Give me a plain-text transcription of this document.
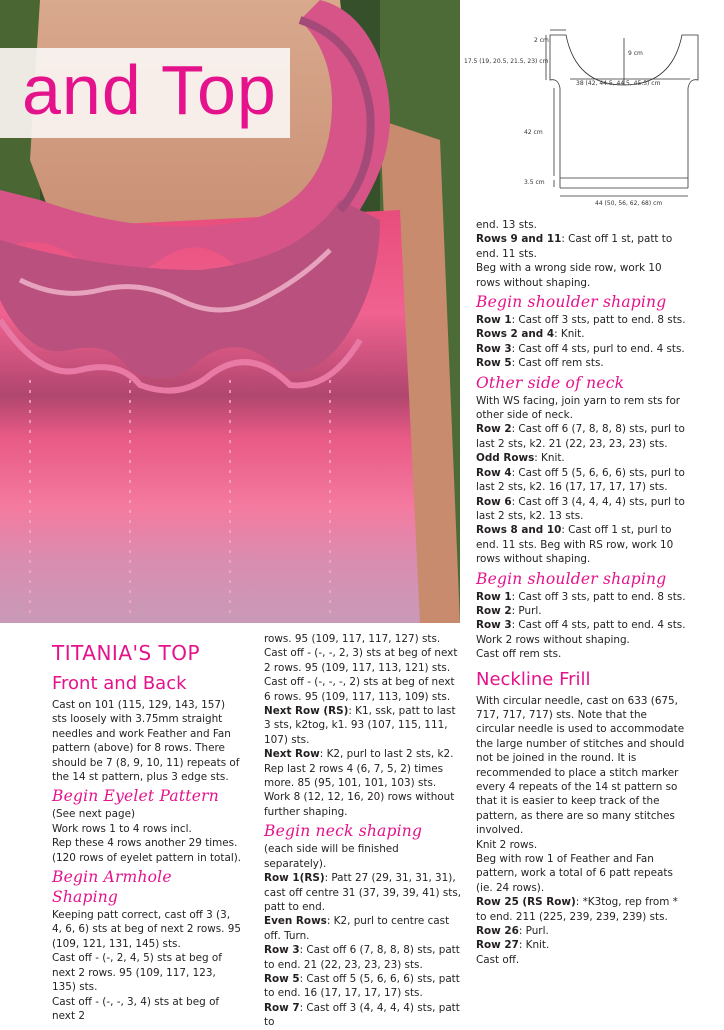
and Top
2 cm
9 cm
17.5 (19, 20.5, 21.5, 23) cm
38 (42, 44.5, 44.5, 45.5) cm
42 cm
3.5 cm
44 (50, 56, 62, 68) cm

TITANIA'S TOP

Front and Back

Cast on 101 (115, 129, 143, 157) sts loosely with 3.75mm straight needles and work Feather and Fan pattern (above) for 8 rows. There should be 7 (8, 9, 10, 11) repeats of the 14 st pattern, plus 3 edge sts.

Begin Eyelet Pattern

(See next page)

Work rows 1 to 4 rows incl.

Rep these 4 rows another 29 times. (120 rows of eyelet pattern in total).

Begin Armhole Shaping

Keeping patt correct, cast off 3 (3, 4, 6, 6) sts at beg of next 2 rows. 95 (109, 121, 131, 145) sts.

Cast off - (-, 2, 4, 5) sts at beg of next 2 rows. 95 (109, 117, 123, 135) sts.

Cast off - (-, -, 3, 4) sts at beg of next 2

rows. 95 (109, 117, 117, 127) sts.

Cast off - (-, -, 2, 3) sts at beg of next 2 rows. 95 (109, 117, 113, 121) sts.

Cast off - (-, -, -, 2) sts at beg of next 6 rows. 95 (109, 117, 113, 109) sts.

Next Row (RS): K1, ssk, patt to last 3 sts, k2tog, k1. 93 (107, 115, 111, 107) sts.

Next Row: K2, purl to last 2 sts, k2.

Rep last 2 rows 4 (6, 7, 5, 2) times more. 85 (95, 101, 101, 103) sts.

Work 8 (12, 12, 16, 20) rows without further shaping.

Begin neck shaping

(each side will be finished separately).

Row 1(RS): Patt 27 (29, 31, 31, 31), cast off centre 31 (37, 39, 39, 41) sts, patt to end.

Even Rows: K2, purl to centre cast off. Turn.

Row 3: Cast off 6 (7, 8, 8, 8) sts, patt to end. 21 (22, 23, 23, 23) sts.

Row 5: Cast off 5 (5, 6, 6, 6) sts, patt to end. 16 (17, 17, 17, 17) sts.

Row 7: Cast off 3 (4, 4, 4, 4) sts, patt to

end. 13 sts.

Rows 9 and 11: Cast off 1 st, patt to end. 11 sts.

Beg with a wrong side row, work 10 rows without shaping.

Begin shoulder shaping

Row 1: Cast off 3 sts, patt to end. 8 sts.

Rows 2 and 4: Knit.

Row 3: Cast off 4 sts, purl to end. 4 sts.

Row 5: Cast off rem sts.

Other side of neck

With WS facing, join yarn to rem sts for other side of neck.

Row 2: Cast off 6 (7, 8, 8, 8) sts, purl to last 2 sts, k2. 21 (22, 23, 23, 23) sts.

Odd Rows: Knit.

Row 4: Cast off 5 (5, 6, 6, 6) sts, purl to last 2 sts, k2. 16 (17, 17, 17, 17) sts.

Row 6: Cast off 3 (4, 4, 4, 4) sts, purl to last 2 sts, k2. 13 sts.

Rows 8 and 10: Cast off 1 st, purl to end. 11 sts. Beg with RS row, work 10 rows without shaping.

Begin shoulder shaping

Row 1: Cast off 3 sts, patt to end. 8 sts.

Row 2: Purl.

Row 3: Cast off 4 sts, patt to end. 4 sts.

Work 2 rows without shaping.

Cast off rem sts.

Neckline Frill

With circular needle, cast on 633 (675, 717, 717, 717) sts. Note that the circular needle is used to accommodate the large number of stitches and should not be joined in the round. It is recommended to place a stitch marker every 4 repeats of the 14 st pattern so that it is easier to keep track of the pattern, as there are so many stitches involved.

Knit 2 rows.

Beg with row 1 of Feather and Fan pattern, work a total of 6 patt repeats (ie. 24 rows).

Row 25 (RS Row): *K3tog, rep from * to end. 211 (225, 239, 239, 239) sts.

Row 26: Purl.

Row 27: Knit.

Cast off.
